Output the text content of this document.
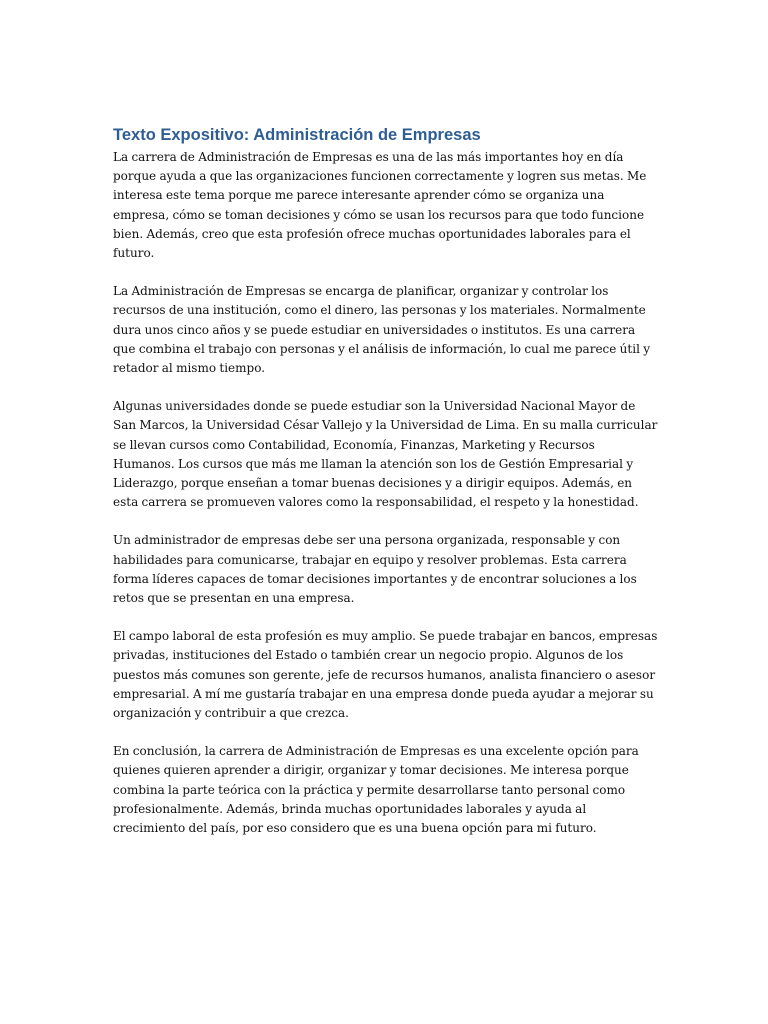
Texto Expositivo: Administración de Empresas

La carrera de Administración de Empresas es una de las más importantes hoy en día porque ayuda a que las organizaciones funcionen correctamente y logren sus metas. Me interesa este tema porque me parece interesante aprender cómo se organiza una empresa, cómo se toman decisiones y cómo se usan los recursos para que todo funcione bien. Además, creo que esta profesión ofrece muchas oportunidades laborales para el futuro.

La Administración de Empresas se encarga de planificar, organizar y controlar los recursos de una institución, como el dinero, las personas y los materiales. Normalmente dura unos cinco años y se puede estudiar en universidades o institutos. Es una carrera que combina el trabajo con personas y el análisis de información, lo cual me parece útil y retador al mismo tiempo.

Algunas universidades donde se puede estudiar son la Universidad Nacional Mayor de San Marcos, la Universidad César Vallejo y la Universidad de Lima. En su malla curricular se llevan cursos como Contabilidad, Economía, Finanzas, Marketing y Recursos Humanos. Los cursos que más me llaman la atención son los de Gestión Empresarial y Liderazgo, porque enseñan a tomar buenas decisiones y a dirigir equipos. Además, en esta carrera se promueven valores como la responsabilidad, el respeto y la honestidad.

Un administrador de empresas debe ser una persona organizada, responsable y con habilidades para comunicarse, trabajar en equipo y resolver problemas. Esta carrera forma líderes capaces de tomar decisiones importantes y de encontrar soluciones a los retos que se presentan en una empresa.

El campo laboral de esta profesión es muy amplio. Se puede trabajar en bancos, empresas privadas, instituciones del Estado o también crear un negocio propio. Algunos de los puestos más comunes son gerente, jefe de recursos humanos, analista financiero o asesor empresarial. A mí me gustaría trabajar en una empresa donde pueda ayudar a mejorar su organización y contribuir a que crezca.

En conclusión, la carrera de Administración de Empresas es una excelente opción para quienes quieren aprender a dirigir, organizar y tomar decisiones. Me interesa porque combina la parte teórica con la práctica y permite desarrollarse tanto personal como profesionalmente. Además, brinda muchas oportunidades laborales y ayuda al crecimiento del país, por eso considero que es una buena opción para mi futuro.
